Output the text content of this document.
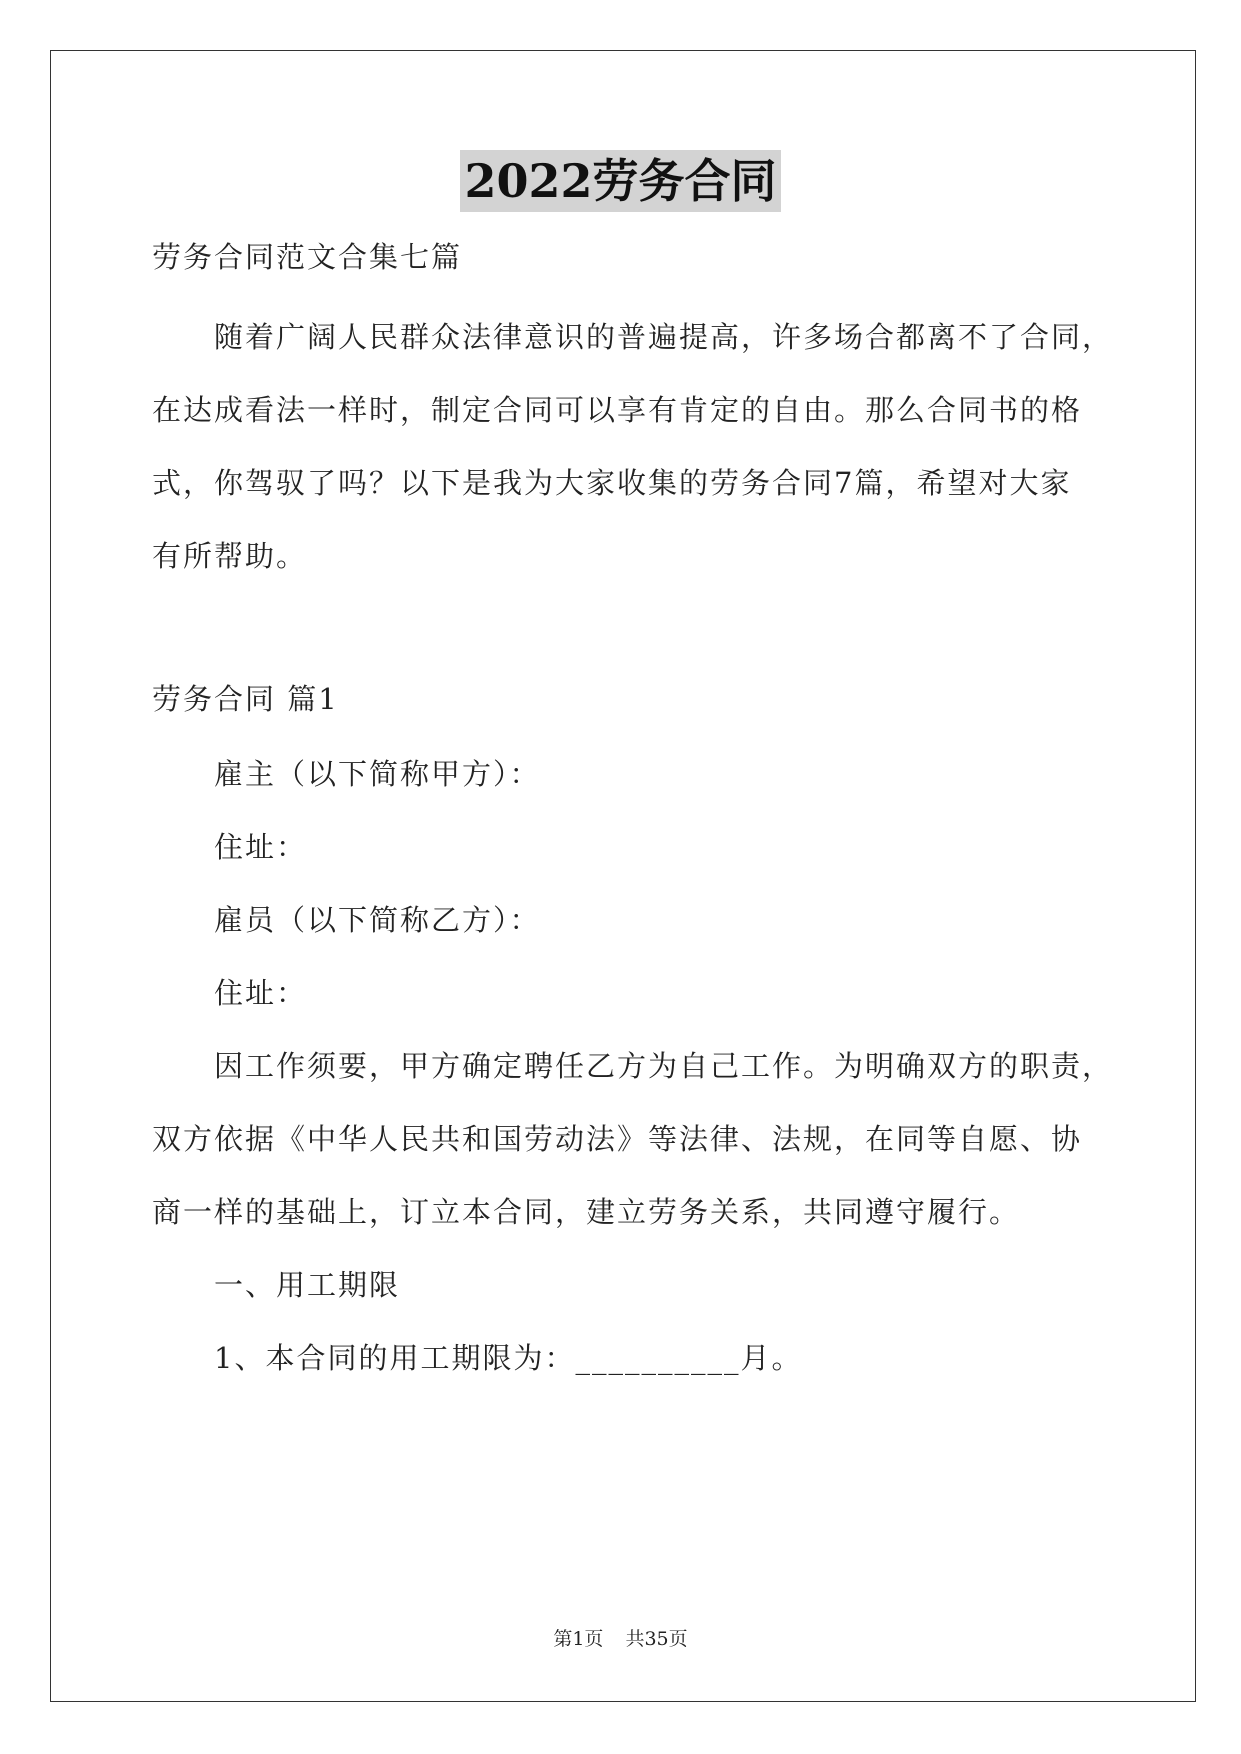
2022劳务合同
劳务合同范文合集七篇
随着广阔人民群众法律意识的普遍提高，许多场合都离不了合同，
在达成看法一样时，制定合同可以享有肯定的自由。那么合同书的格
式，你驾驭了吗？以下是我为大家收集的劳务合同7篇，希望对大家
有所帮助。
劳务合同 篇1
雇主（以下简称甲方）：
住址：
雇员（以下简称乙方）：
住址：
因工作须要，甲方确定聘任乙方为自己工作。为明确双方的职责，
双方依据《中华人民共和国劳动法》等法律、法规，在同等自愿、协
商一样的基础上，订立本合同，建立劳务关系，共同遵守履行。
一、用工期限
1、本合同的用工期限为：__________月。
第1页 共35页
